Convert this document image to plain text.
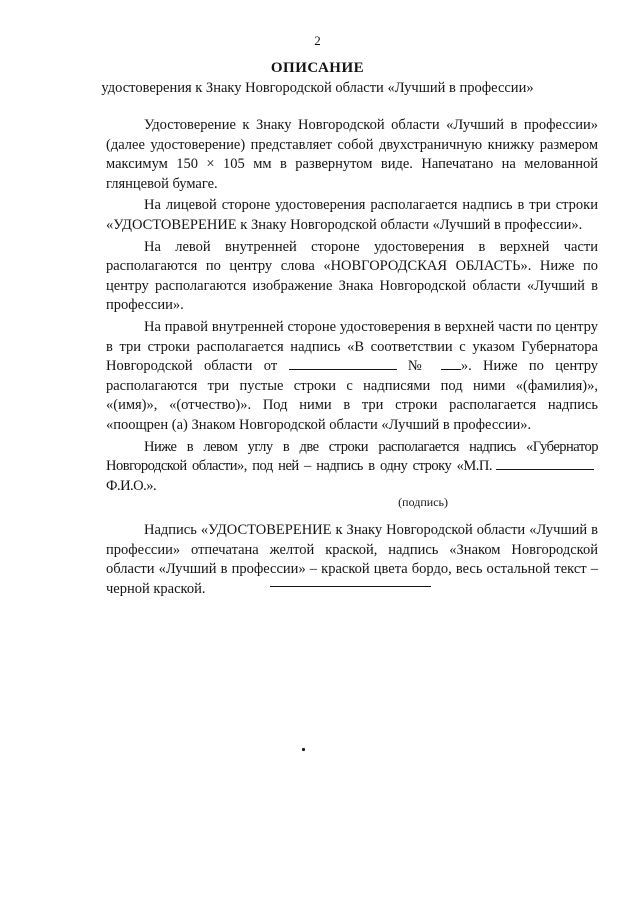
2
ОПИСАНИЕ
удостоверения к Знаку Новгородской области «Лучший в профессии»

Удостоверение к Знаку Новгородской области «Лучший в профессии» (далее удостоверение) представляет собой двухстраничную книжку размером максимум 150 × 105 мм в развернутом виде. Напечатано на мелованной глянцевой бумаге.

На лицевой стороне удостоверения располагается надпись в три строки «УДОСТОВЕРЕНИЕ к Знаку Новгородской области «Лучший в профессии».

На левой внутренней стороне удостоверения в верхней части располагаются по центру слова «НОВГОРОДСКАЯ ОБЛАСТЬ». Ниже по центру располагаются изображение Знака Новгородской области «Лучший в профессии».

На правой внутренней стороне удостоверения в верхней части по центру в три строки располагается надпись «В соответствии с указом Губернатора Новгородской области от	№ ». Ниже по центру располагаются три пустые строки с надписями под ними «(фамилия)», «(имя)», «(отчество)». Под ними в три строки располагается надпись «поощрен (а) Знаком Новгородской области «Лучший в профессии».

Ниже в левом углу в две строки располагается надпись «Губернатор Новгородской области», под ней – надпись в одну строку «М.П.Ф.И.О.».

(подпись)

Надпись «УДОСТОВЕРЕНИЕ к Знаку Новгородской области «Лучший в профессии» отпечатана желтой краской, надпись «Знаком Новгородской области «Лучший в профессии» – краской цвета бордо, весь остальной текст – черной краской.
